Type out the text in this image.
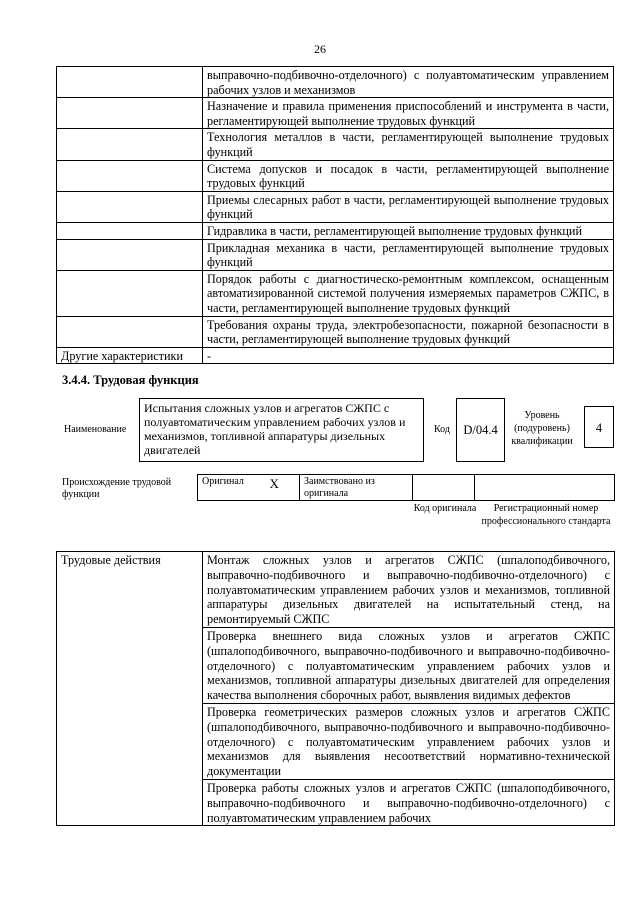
26
	выправочно-подбивочно-отделочного) с полуавтоматическим управлением рабочих узлов и механизмов
	Назначение и правила применения приспособлений и инструмента в части, регламентирующей выполнение трудовых функций
	Технология металлов в части, регламентирующей выполнение трудовых функций
	Система допусков и посадок в части, регламентирующей выполнение трудовых функций
	Приемы слесарных работ в части, регламентирующей выполнение трудовых функций
	Гидравлика в части, регламентирующей выполнение трудовых функций
	Прикладная механика в части, регламентирующей выполнение трудовых функций
	Порядок работы с диагностическо-ремонтным комплексом, оснащенным автоматизированной системой получения измеряемых параметров СЖПС, в части, регламентирующей выполнение трудовых функций
	Требования охраны труда, электробезопасности, пожарной безопасности в части, регламентирующей выполнение трудовых функций
Другие характеристики	-
3.4.4. Трудовая функция
Наименование
Испытания сложных узлов и агрегатов СЖПС с полуавтоматическим управлением рабочих узлов и механизмов, топливной аппаратуры дизельных двигателей
Код	D/04.4
Уровень (подуровень) квалификации
4
Происхождение трудовой функции
Оригинал	X	Заимствовано из оригинала		
Код оригинала	Регистрационный номер профессионального стандарта
Трудовые действия	Монтаж сложных узлов и агрегатов СЖПС (шпалоподбивочного, выправочно-подбивочного и выправочно-подбивочно-отделочного) с полуавтоматическим управлением рабочих узлов и механизмов, топливной аппаратуры дизельных двигателей на испытательный стенд, на ремонтируемый СЖПС
Проверка внешнего вида сложных узлов и агрегатов СЖПС (шпалоподбивочного, выправочно-подбивочного и выправочно-подбивочно-отделочного) с полуавтоматическим управлением рабочих узлов и механизмов, топливной аппаратуры дизельных двигателей для определения качества выполнения сборочных работ, выявления видимых дефектов
Проверка геометрических размеров сложных узлов и агрегатов СЖПС (шпалоподбивочного, выправочно-подбивочного и выправочно-подбивочно-отделочного) с полуавтоматическим управлением рабочих узлов и механизмов для выявления несоответствий нормативно-технической документации
Проверка работы сложных узлов и агрегатов СЖПС (шпалоподбивочного, выправочно-подбивочного и выправочно-подбивочно-отделочного) с полуавтоматическим управлением рабочих
